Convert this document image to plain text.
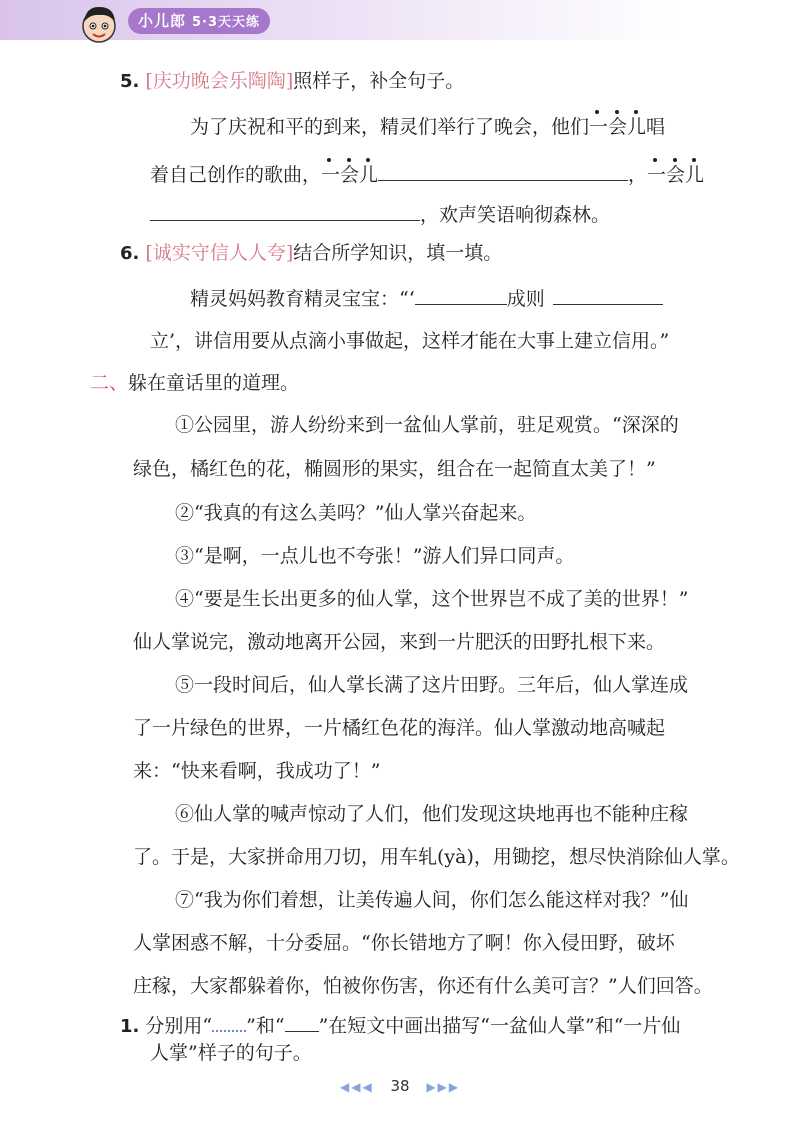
小儿郎 5·3天天练
5. [庆功晚会乐陶陶]照样子，补全句子。
为了庆祝和平的到来，精灵们举行了晚会，他们一会儿
唱
着自己创作的歌曲，一会儿	，一会儿
，欢声笑语响彻森林。
6. [诚实守信人人夸]结合所学知识，填一填。
精灵妈妈教育精灵宝宝：“‘	成则
立’，讲信用要从点滴小事做起，这样才能在大事上建立信用。”
二、躲在童话里的道理。
①公园里，游人纷纷来到一盆仙人掌前，驻足观赏。“深深的
绿色，橘红色的花，椭圆形的果实，组合在一起简直太美了！”
②“我真的有这么美吗？”仙人掌兴奋起来。
③“是啊，一点儿也不夸张！”游人们异口同声。
④“要是生长出更多的仙人掌，这个世界岂不成了美的世界！”
仙人掌说完，激动地离开公园，来到一片肥沃的田野扎根下来。
⑤一段时间后，仙人掌长满了这片田野。三年后，仙人掌连成
了一片绿色的世界，一片橘红色花的海洋。仙人掌激动地高喊起
来：“快来看啊，我成功了！”
⑥仙人掌的喊声惊动了人们，他们发现这块地再也不能种庄稼
了。于是，大家拼命用刀切，用车轧(yà)，用锄挖，想尽快消除仙人掌。
⑦“我为你们着想，让美传遍人间，你们怎么能这样对我？”仙
人掌困惑不解，十分委屈。“你长错地方了啊！你入侵田野，破坏
庄稼，大家都躲着你，怕被你伤害，你还有什么美可言？”人们回答。
1. 分别用“ ”和“ ”在短文中画出描写“一盆仙人掌”和“一片仙
人掌”样子的句子。
◀◀◀ 38 ▶▶▶
